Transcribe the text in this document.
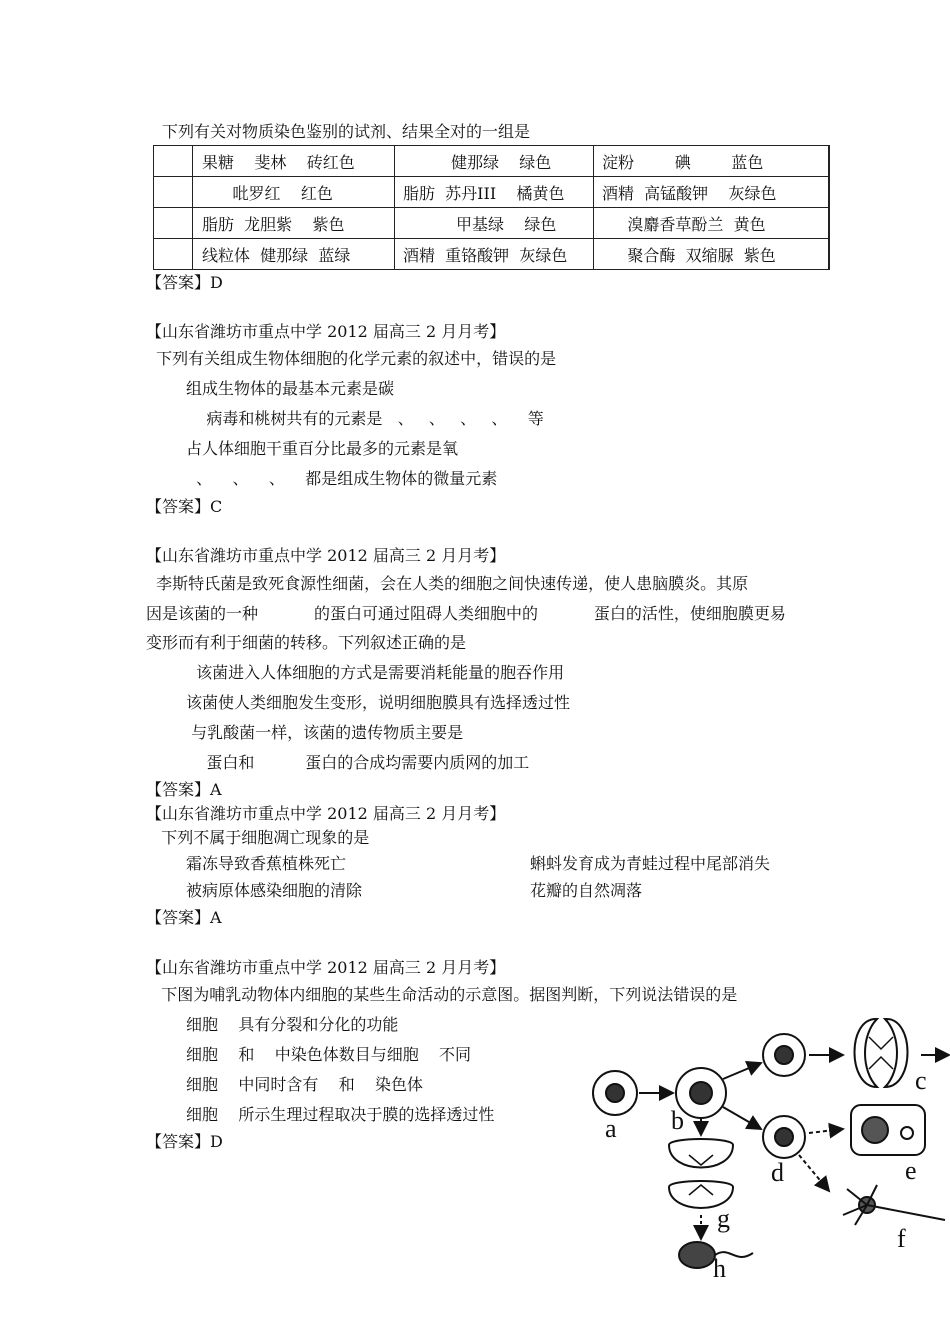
下列有关对物质染色鉴别的试剂、结果全对的一组是
	果糖    斐林    砖红色	健那绿    绿色	淀粉        碘        蓝色
	吡罗红    红色	脂肪  苏丹III    橘黄色	酒精  高锰酸钾    灰绿色
	脂肪  龙胆紫    紫色	甲基绿    绿色	溴麝香草酚兰  黄色
	线粒体  健那绿  蓝绿	酒精  重铬酸钾  灰绿色	聚合酶  双缩脲  紫色
【答案】D
【山东省潍坊市重点中学 2012 届高三 2 月月考】
下列有关组成生物体细胞的化学元素的叙述中，错误的是
组成生物体的最基本元素是碳
病毒和桃树共有的元素是   、   、   、   、    等
占人体细胞干重百分比最多的元素是氧
、    、    、    都是组成生物体的微量元素
【答案】C
【山东省潍坊市重点中学 2012 届高三 2 月月考】
李斯特氏菌是致死食源性细菌，会在人类的细胞之间快速传递，使人患脑膜炎。其原
因是该菌的一种           的蛋白可通过阻碍人类细胞中的           蛋白的活性，使细胞膜更易
变形而有利于细菌的转移。下列叙述正确的是
该菌进入人体细胞的方式是需要消耗能量的胞吞作用
该菌使人类细胞发生变形，说明细胞膜具有选择透过性
与乳酸菌一样，该菌的遗传物质主要是
蛋白和          蛋白的合成均需要内质网的加工
【答案】A
【山东省潍坊市重点中学 2012 届高三 2 月月考】
下列不属于细胞凋亡现象的是
霜冻导致香蕉植株死亡	蝌蚪发育成为青蛙过程中尾部消失
被病原体感染细胞的清除	花瓣的自然凋落
【答案】A
【山东省潍坊市重点中学 2012 届高三 2 月月考】
下图为哺乳动物体内细胞的某些生命活动的示意图。据图判断，下列说法错误的是
细胞    具有分裂和分化的功能
细胞    和    中染色体数目与细胞    不同
细胞    中同时含有    和    染色体
细胞    所示生理过程取决于膜的选择透过性
【答案】D	a b
c
d	e
f
g
h
